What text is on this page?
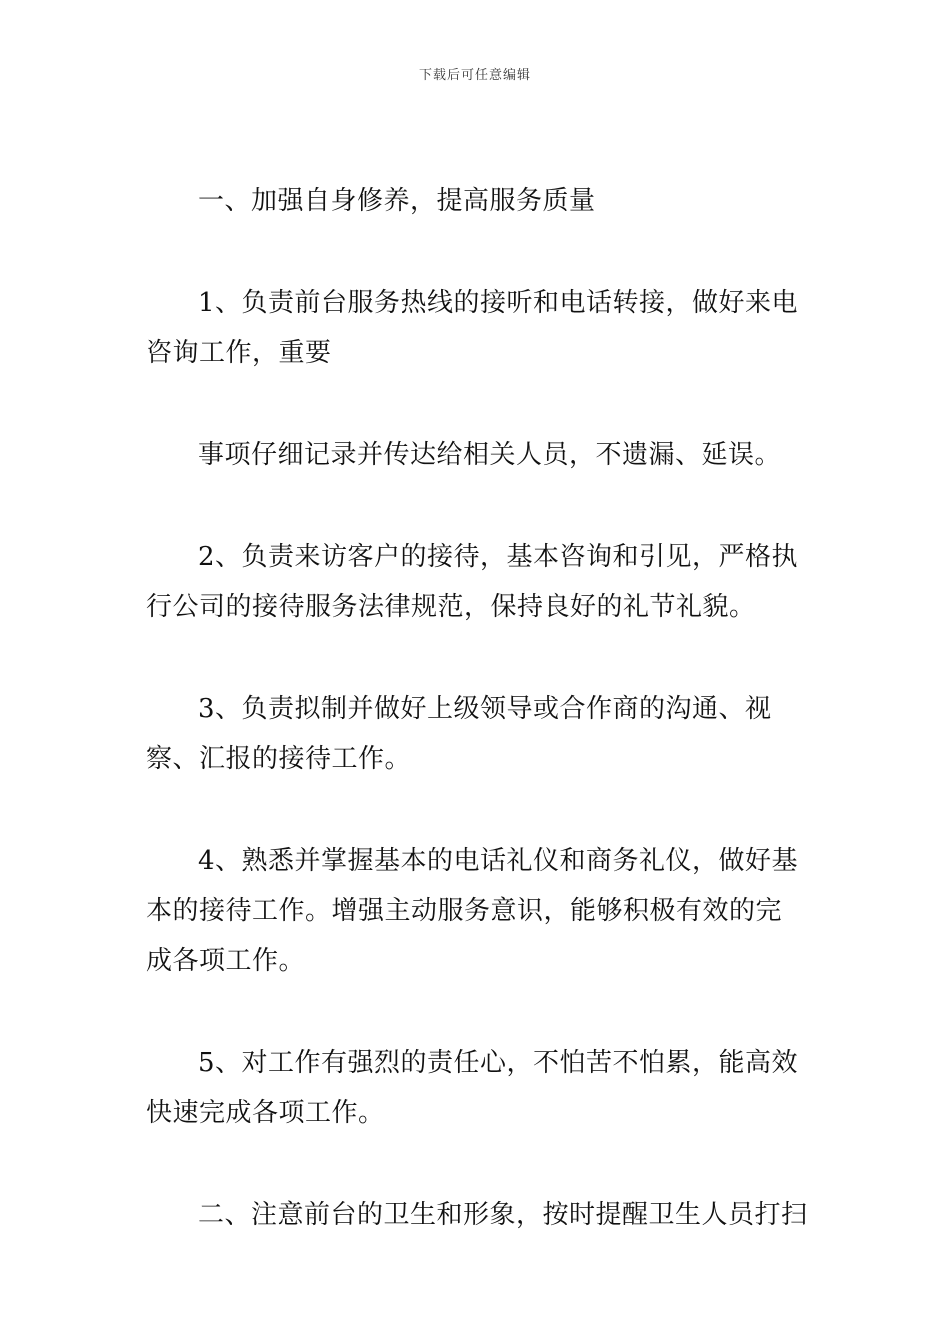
下载后可任意编辑

一、加强自身修养，提高服务质量

1、负责前台服务热线的接听和电话转接，做好来电咨询工作，重要

事项仔细记录并传达给相关人员，不遗漏、延误。

2、负责来访客户的接待，基本咨询和引见，严格执行公司的接待服务法律规范，保持良好的礼节礼貌。

3、负责拟制并做好上级领导或合作商的沟通、视察、汇报的接待工作。

4、熟悉并掌握基本的电话礼仪和商务礼仪，做好基本的接待工作。增强主动服务意识，能够积极有效的完成各项工作。

5、对工作有强烈的责任心，不怕苦不怕累，能高效快速完成各项工作。

二、注意前台的卫生和形象，按时提醒卫生人员打扫
